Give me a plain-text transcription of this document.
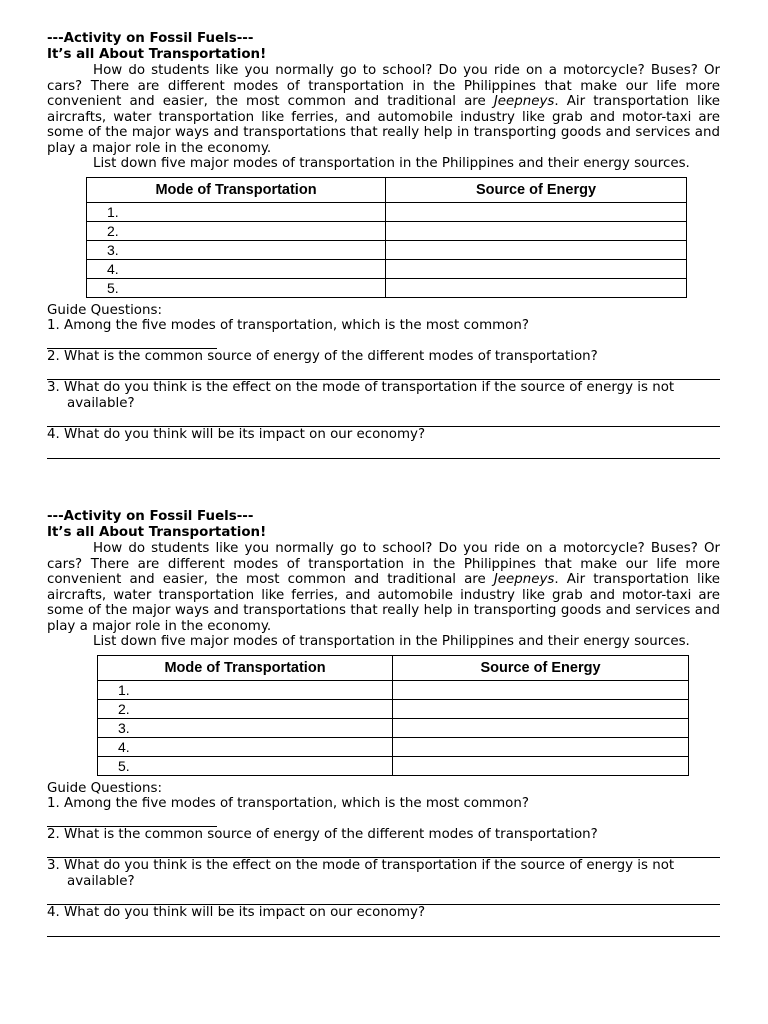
---Activity on Fossil Fuels---
It’s all About Transportation!

How do students like you normally go to school? Do you ride on a motorcycle? Buses? Or cars? There are different modes of transportation in the Philippines that make our life more convenient and easier, the most common and traditional are Jeepneys. Air transportation like aircrafts, water transportation like ferries, and automobile industry like grab and motor-taxi are some of the major ways and transportations that really help in transporting goods and services and play a major role in the economy.

List down five major modes of transportation in the Philippines and their energy sources.

Mode of Transportation	Source of Energy
1.	
2.	
3.	
4.	
5.	
Guide Questions:
1. Among the five modes of transportation, which is the most common?
2. What is the common source of energy of the different modes of transportation?
3. What do you think is the effect on the mode of transportation if the source of energy is not
available?
4. What do you think will be its impact on our economy?
---Activity on Fossil Fuels---
It’s all About Transportation!

How do students like you normally go to school? Do you ride on a motorcycle? Buses? Or cars? There are different modes of transportation in the Philippines that make our life more convenient and easier, the most common and traditional are Jeepneys. Air transportation like aircrafts, water transportation like ferries, and automobile industry like grab and motor-taxi are some of the major ways and transportations that really help in transporting goods and services and play a major role in the economy.

List down five major modes of transportation in the Philippines and their energy sources.

Mode of Transportation	Source of Energy
1.	
2.	
3.	
4.	
5.	
Guide Questions:
1. Among the five modes of transportation, which is the most common?
2. What is the common source of energy of the different modes of transportation?
3. What do you think is the effect on the mode of transportation if the source of energy is not
available?
4. What do you think will be its impact on our economy?
